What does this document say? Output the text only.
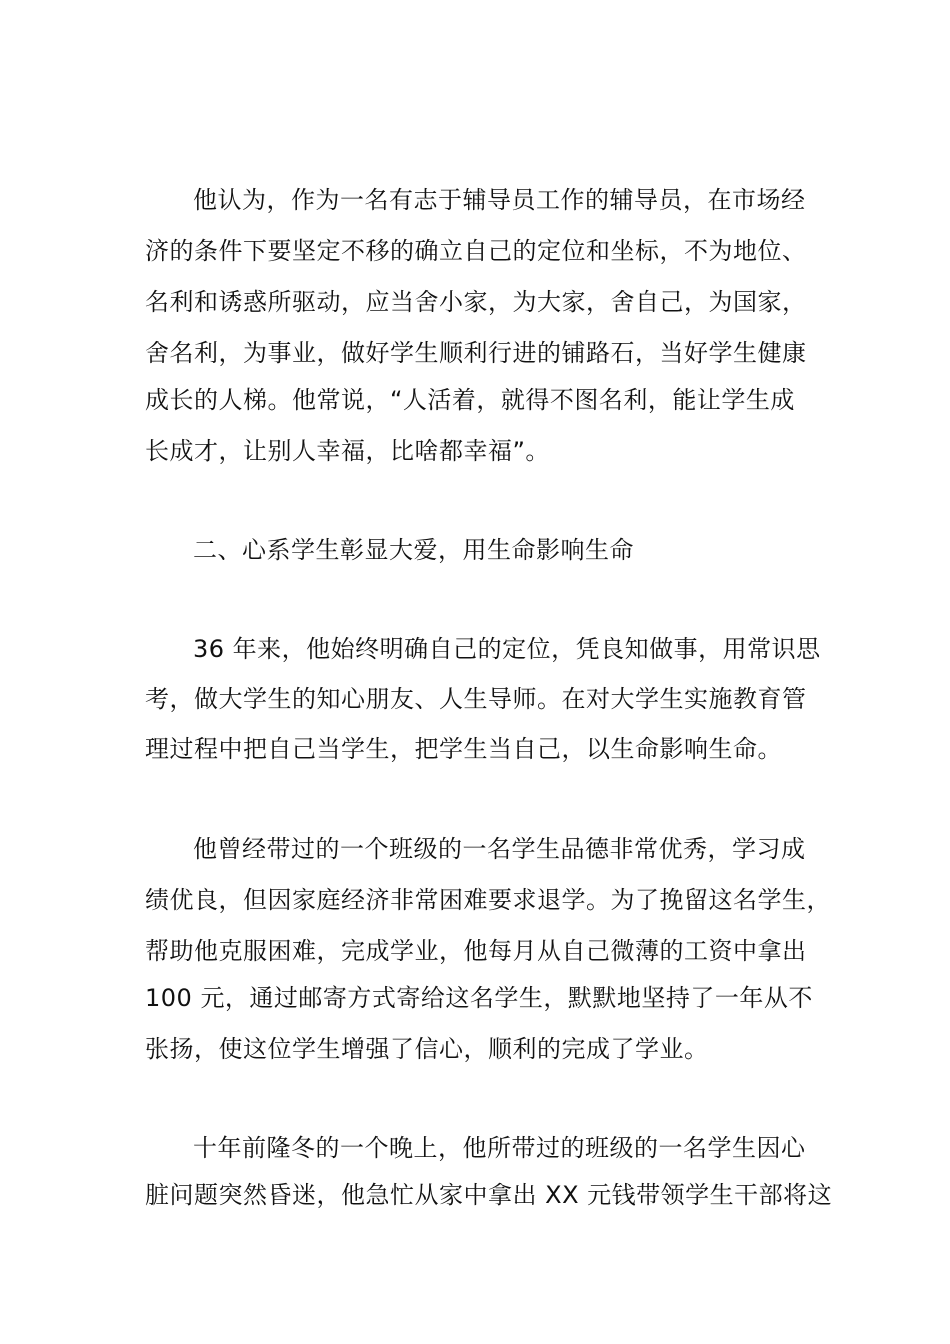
他认为，作为一名有志于辅导员工作的辅导员，在市场经
济的条件下要坚定不移的确立自己的定位和坐标，不为地位、
名利和诱惑所驱动，应当舍小家，为大家，舍自己，为国家，
舍名利，为事业，做好学生顺利行进的铺路石，当好学生健康
成长的人梯。他常说，“人活着，就得不图名利，能让学生成
长成才，让别人幸福，比啥都幸福”。
二、心系学生彰显大爱，用生命影响生命
36 年来，他始终明确自己的定位，凭良知做事，用常识思
考，做大学生的知心朋友、人生导师。在对大学生实施教育管
理过程中把自己当学生，把学生当自己，以生命影响生命。
他曾经带过的一个班级的一名学生品德非常优秀，学习成
绩优良，但因家庭经济非常困难要求退学。为了挽留这名学生，
帮助他克服困难，完成学业，他每月从自己微薄的工资中拿出
100 元，通过邮寄方式寄给这名学生，默默地坚持了一年从不
张扬，使这位学生增强了信心，顺利的完成了学业。
十年前隆冬的一个晚上，他所带过的班级的一名学生因心
脏问题突然昏迷，他急忙从家中拿出 XX 元钱带领学生干部将这
